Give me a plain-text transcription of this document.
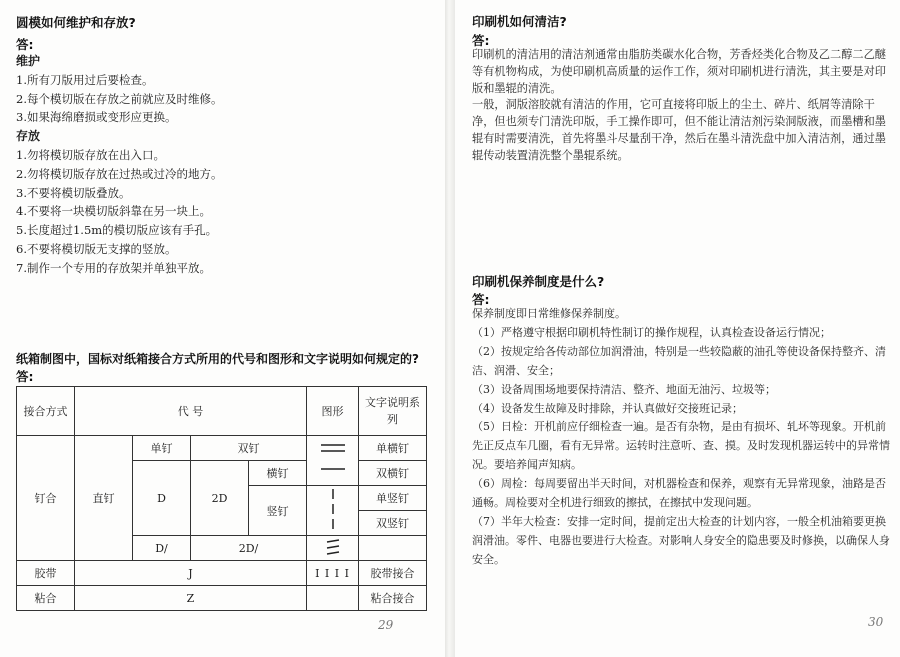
圆模如何维护和存放?
答:
维护
1.所有刀版用过后要检查。
2.每个模切版在存放之前就应及时维修。
3.如果海绵磨损或变形应更换。
存放
1.勿将模切版存放在出入口。
2.勿将模切版存放在过热或过冷的地方。
3.不要将模切版叠放。
4.不要将一块模切版斜靠在另一块上。
5.长度超过1.5m的模切版应该有手孔。
6.不要将模切版无支撑的竖放。
7.制作一个专用的存放架并单独平放。
纸箱制图中，国标对纸箱接合方式所用的代号和图形和文字说明如何规定的?
答:
接合方式	代 号				图形	文字说明系列
钉合	直钉	单钉	双钉			单横钉
		D	2D	横钉		双横钉
				竖钉		单竖钉
						双竖钉
		D/	2D/		
胶带	J				I I I I	胶带接合
粘合	Z					粘合接合
29
印刷机如何清洁?
答:

印刷机的清洁用的清洁剂通常由脂肪类碳水化合物，芳香烃类化合物及乙二醇二乙醚等有机物构成，为使印刷机高质量的运作工作，须对印刷机进行清洗，其主要是对印版和墨辊的清洗。

一般，洞版溶胶就有清洁的作用，它可直接将印版上的尘土、碎片、纸屑等清除干净，但也须专门清洗印版，手工操作即可，但不能让清洁剂污染洞版液，而墨槽和墨辊有时需要清洗，首先将墨斗尽量刮干净，然后在墨斗清洗盘中加入清洁剂，通过墨辊传动装置清洗整个墨辊系统。

印刷机保养制度是什么?
答:

保养制度即日常维修保养制度。

（1）严格遵守根据印刷机特性制订的操作规程，认真检查设备运行情况；

（2）按规定给各传动部位加润滑油，特别是一些较隐蔽的油孔等使设备保持整齐、清洁、润滑、安全；

（3）设备周围场地要保持清洁、整齐、地面无油污、垃圾等；

（4）设备发生故障及时排除，并认真做好交接班记录；

（5）日检：开机前应仔细检查一遍。是否有杂物，是由有损坏、轧坏等现象。开机前先正反点车几圈，看有无异常。运转时注意听、查、摸。及时发现机器运转中的异常情况。要培养闻声知病。

（6）周检：每周要留出半天时间，对机器检查和保养，观察有无异常现象，油路是否通畅。周检要对全机进行细致的擦拭，在擦拭中发现问题。

（7）半年大检查：安排一定时间，提前定出大检查的计划内容，一般全机油箱要更换润滑油。零件、电器也要进行大检查。对影响人身安全的隐患要及时修换，以确保人身安全。

30
